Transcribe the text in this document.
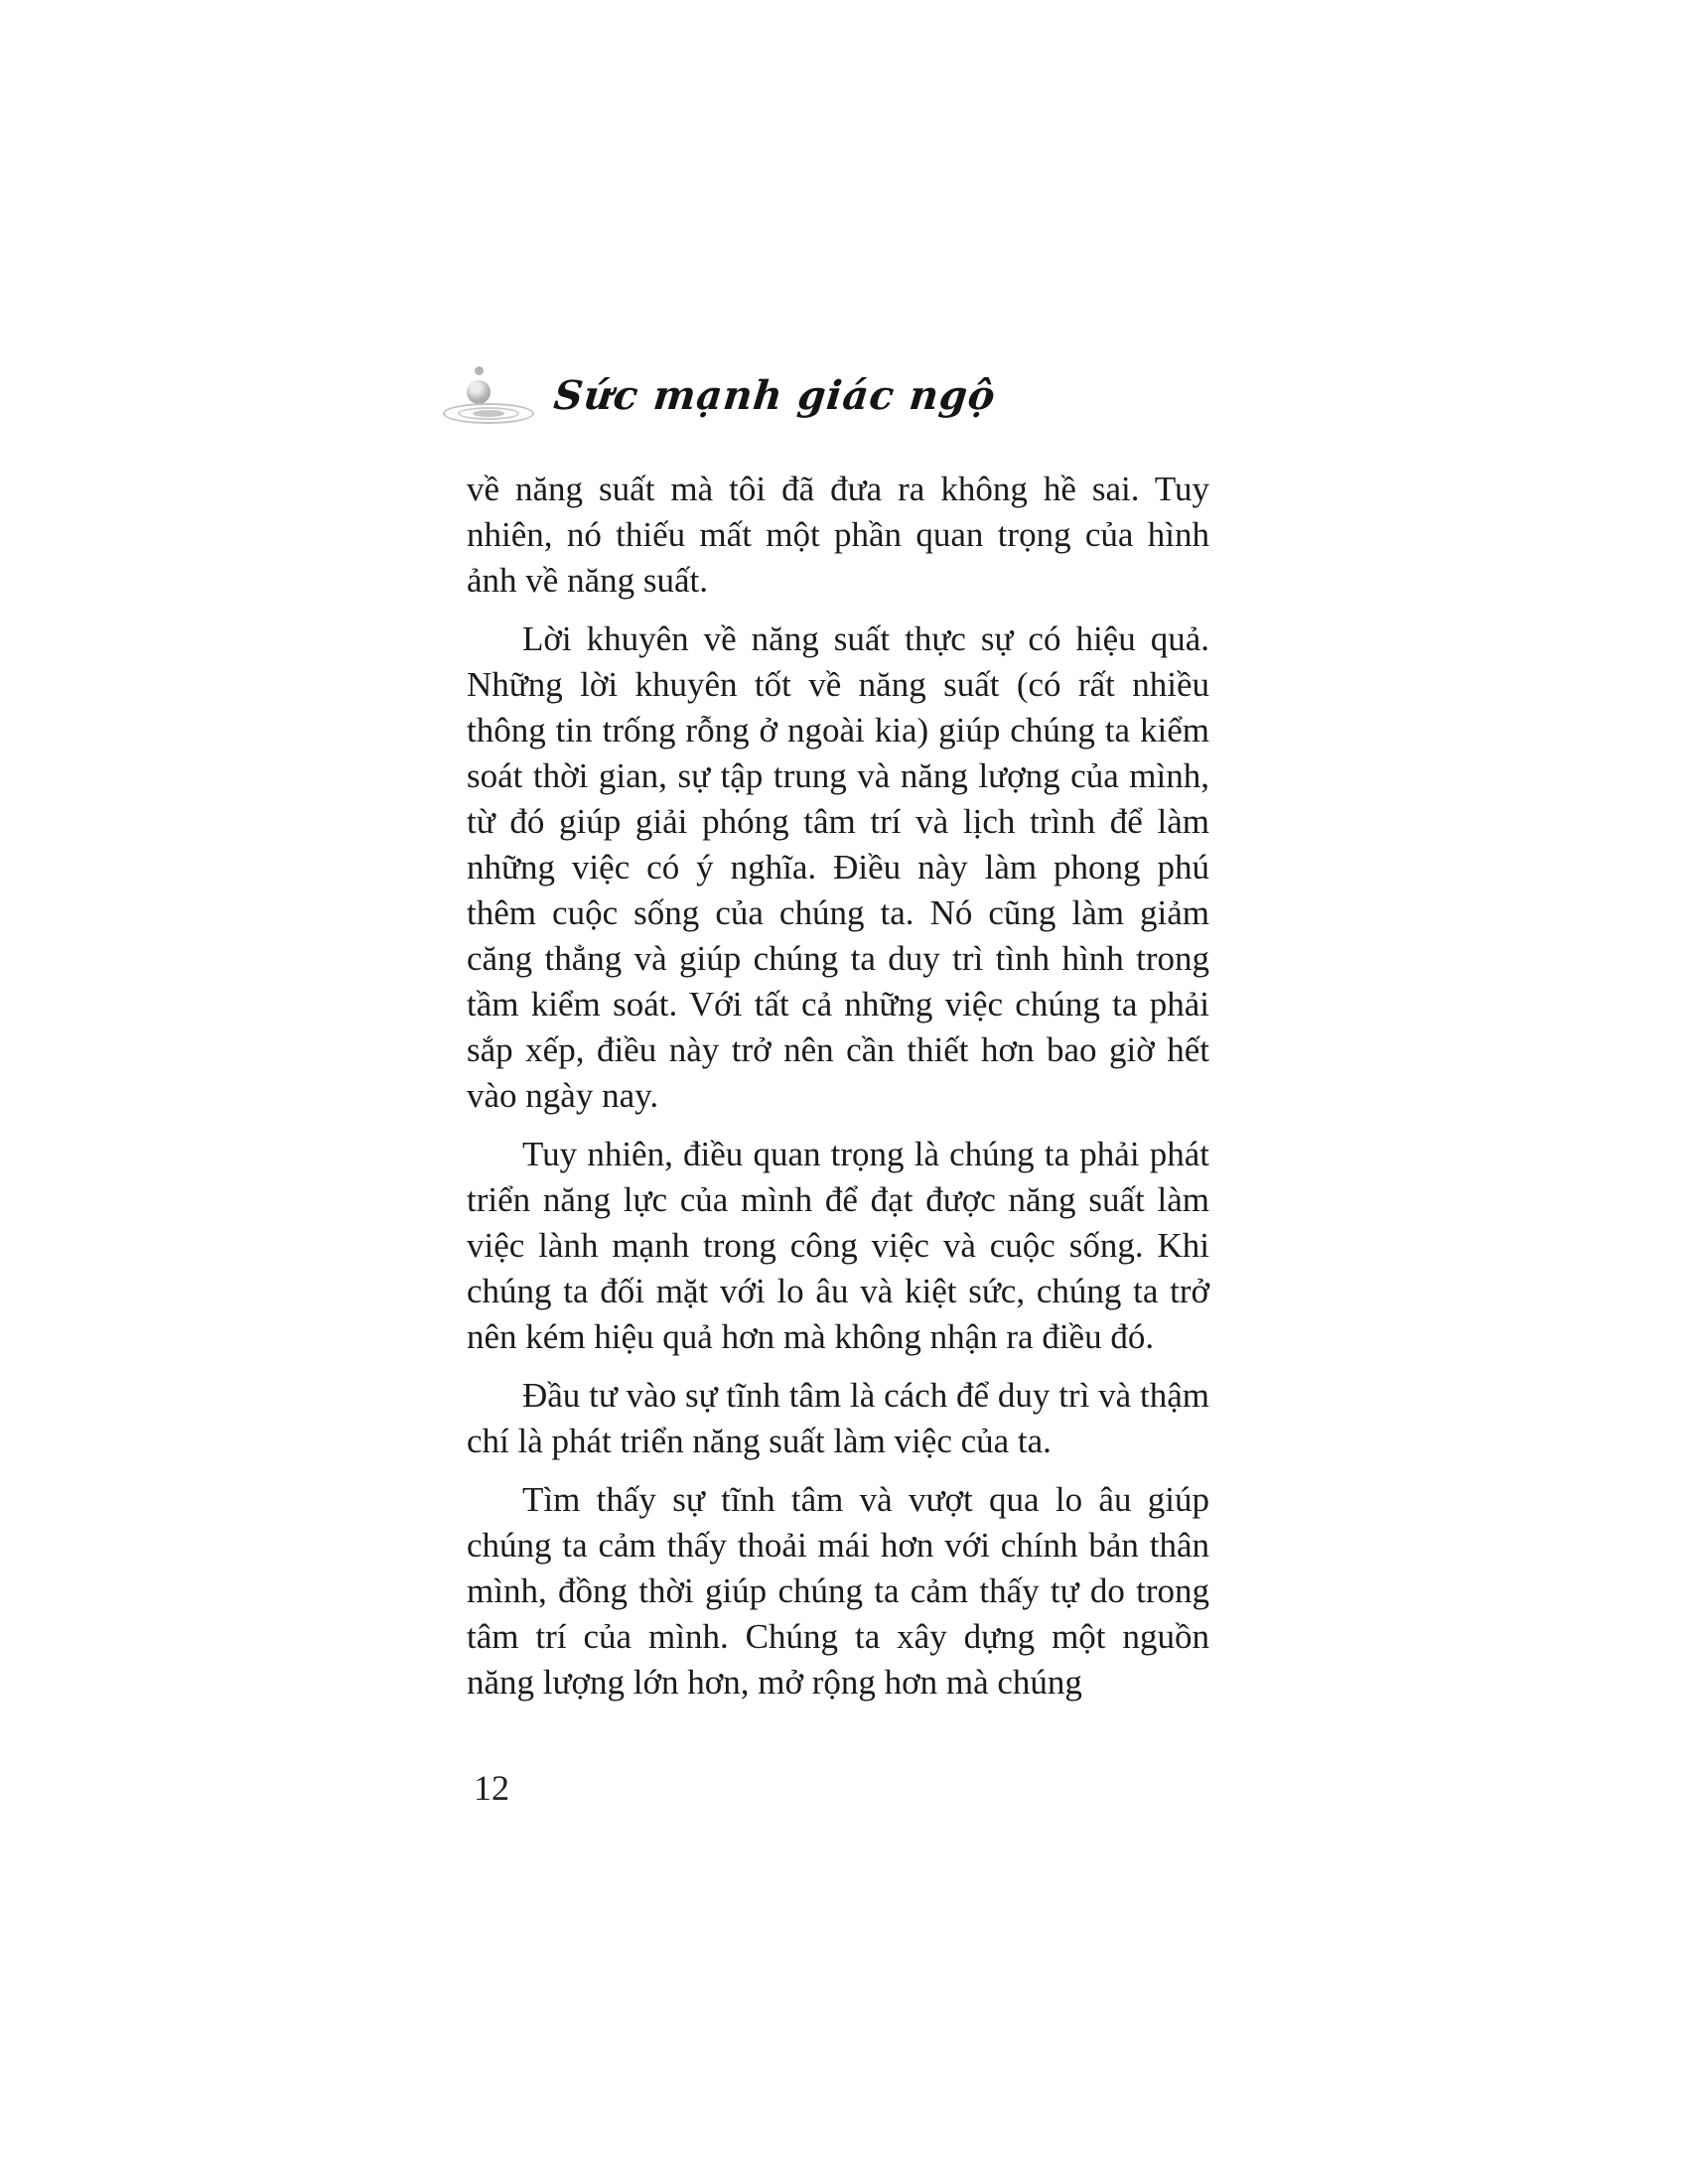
Sức mạnh giác ngộ

về năng suất mà tôi đã đưa ra không hề sai. Tuy nhiên, nó thiếu mất một phần quan trọng của hình ảnh về năng suất.

Lời khuyên về năng suất thực sự có hiệu quả. Những lời khuyên tốt về năng suất (có rất nhiều thông tin trống rỗng ở ngoài kia) giúp chúng ta kiểm soát thời gian, sự tập trung và năng lượng của mình, từ đó giúp giải phóng tâm trí và lịch trình để làm những việc có ý nghĩa. Điều này làm phong phú thêm cuộc sống của chúng ta. Nó cũng làm giảm căng thẳng và giúp chúng ta duy trì tình hình trong tầm kiểm soát. Với tất cả những việc chúng ta phải sắp xếp, điều này trở nên cần thiết hơn bao giờ hết vào ngày nay.

Tuy nhiên, điều quan trọng là chúng ta phải phát triển năng lực của mình để đạt được năng suất làm việc lành mạnh trong công việc và cuộc sống. Khi chúng ta đối mặt với lo âu và kiệt sức, chúng ta trở nên kém hiệu quả hơn mà không nhận ra điều đó.

Đầu tư vào sự tĩnh tâm là cách để duy trì và thậm chí là phát triển năng suất làm việc của ta.

Tìm thấy sự tĩnh tâm và vượt qua lo âu giúp chúng ta cảm thấy thoải mái hơn với chính bản thân mình, đồng thời giúp chúng ta cảm thấy tự do trong tâm trí của mình. Chúng ta xây dựng một nguồn năng lượng lớn hơn, mở rộng hơn mà chúng

12
